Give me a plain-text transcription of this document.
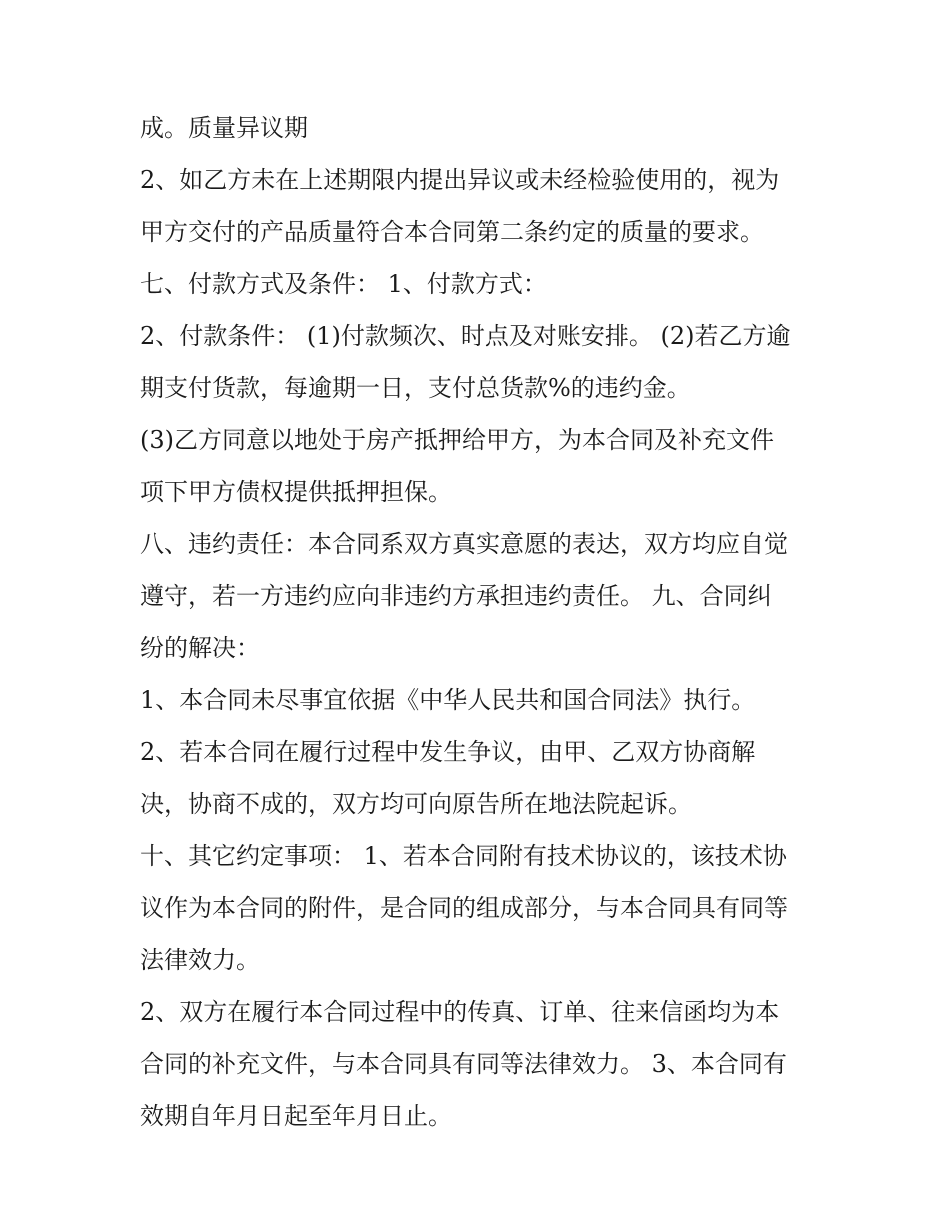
成。质量异议期
2、如乙方未在上述期限内提出异议或未经检验使用的，视为
甲方交付的产品质量符合本合同第二条约定的质量的要求。
七、付款方式及条件： 1、付款方式：
2、付款条件： (1)付款频次、时点及对账安排。 (2)若乙方逾
期支付货款，每逾期一日，支付总货款%的违约金。
(3)乙方同意以地处于房产抵押给甲方，为本合同及补充文件
项下甲方债权提供抵押担保。
八、违约责任：本合同系双方真实意愿的表达，双方均应自觉
遵守，若一方违约应向非违约方承担违约责任。 九、合同纠
纷的解决：
1、本合同未尽事宜依据《中华人民共和国合同法》执行。
2、若本合同在履行过程中发生争议，由甲、乙双方协商解
决，协商不成的，双方均可向原告所在地法院起诉。
十、其它约定事项： 1、若本合同附有技术协议的，该技术协
议作为本合同的附件，是合同的组成部分，与本合同具有同等
法律效力。
2、双方在履行本合同过程中的传真、订单、往来信函均为本
合同的补充文件，与本合同具有同等法律效力。 3、本合同有
效期自年月日起至年月日止。
